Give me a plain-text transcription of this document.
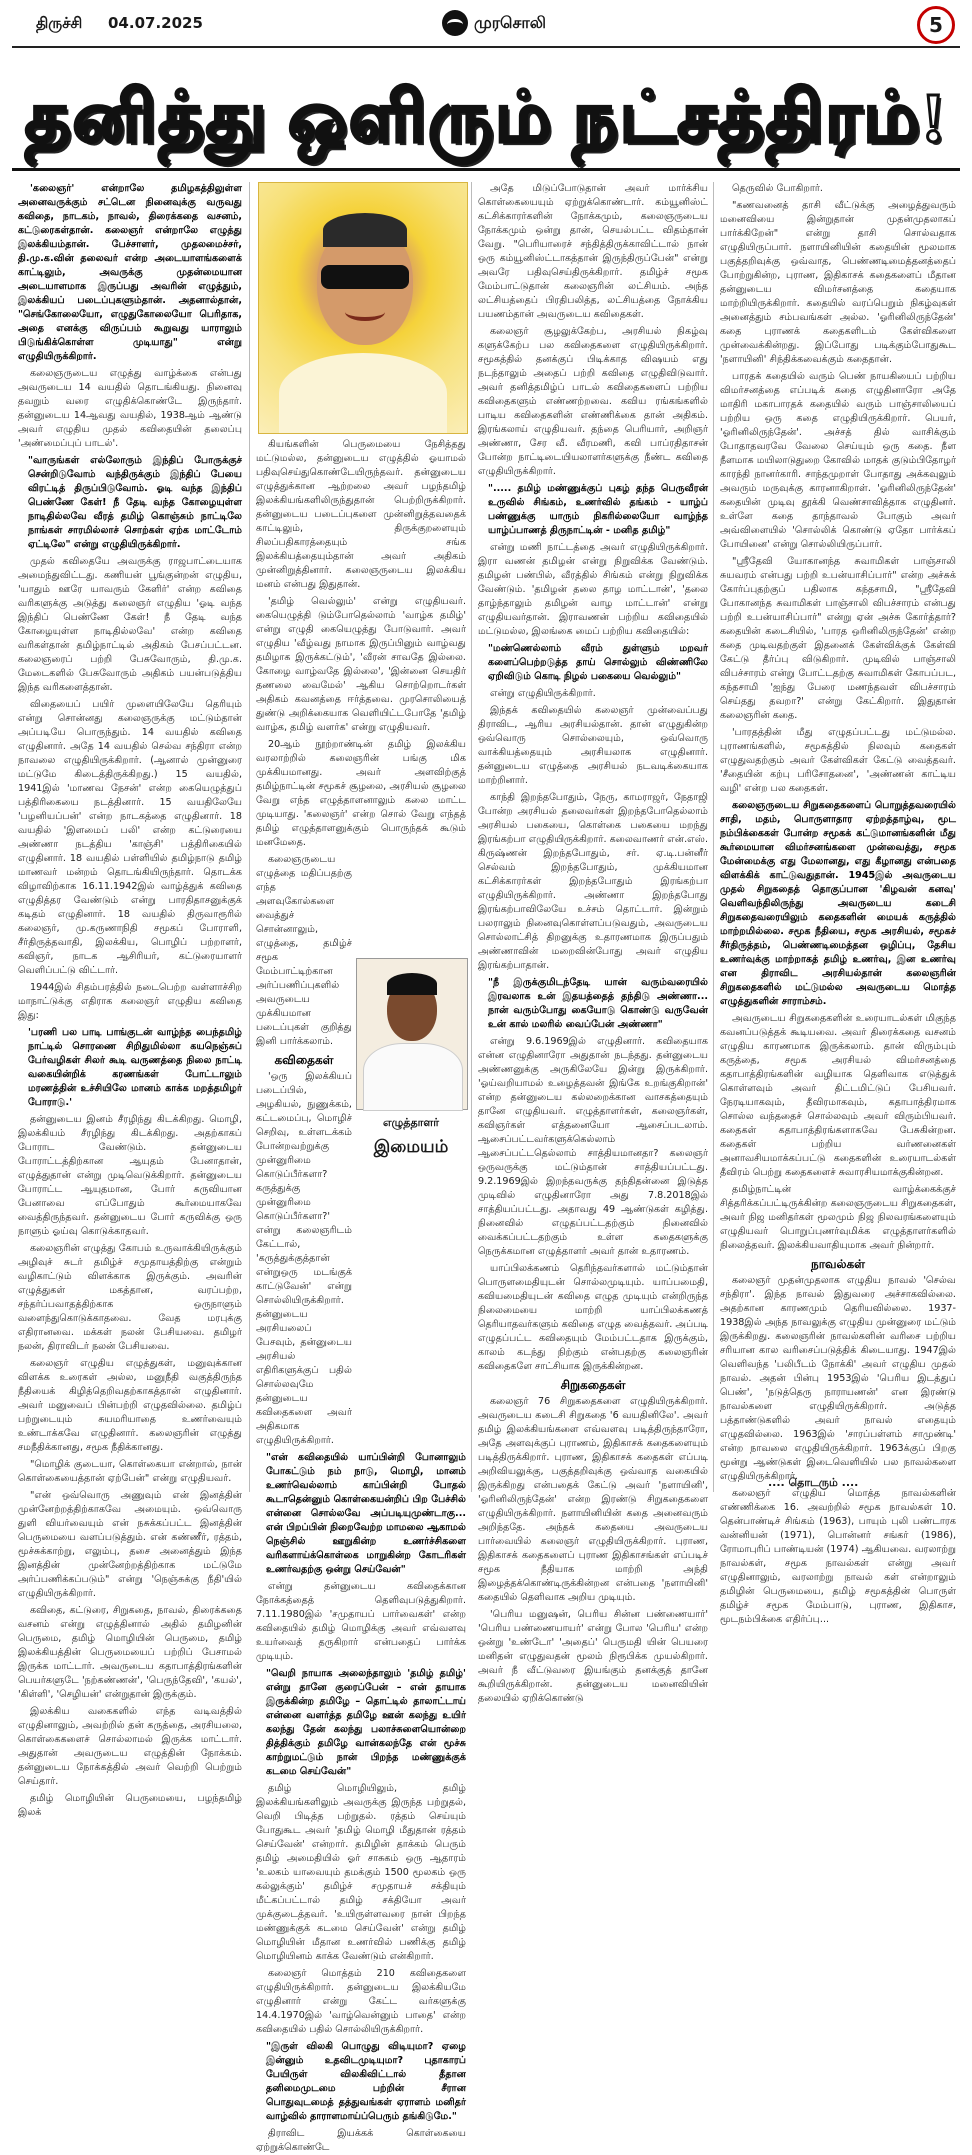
திருச்சி 04.07.2025	முரசொலி	5
தனித்து ஒளிரும் நட்சத்திரம்!

'கலைஞர்' என்றாலே தமிழகத்திலுள்ள அனைவருக்கும் சட்டென நினைவுக்கு வருவது கவிதை, நாடகம், நாவல், திரைக்கதை வசனம், கட்டுரைகள்தான். கலைஞர் என்றாலே எழுத்து இலக்கியம்தான். பேச்சாளர், முதலமைச்சர், தி.மு.க.வின் தலைவர் என்ற அடையாளங்களைக் காட்டிலும், அவருக்கு முதன்மையான அடையாளமாக இருப்பது அவரின் எழுத்தும், இலக்கியப் படைப்புகளும்தான். அதனால்தான், "செங்கோலையோ, எழுதுகோலையோ பெரிதாக, அதை எனக்கு விருப்பம் கூறுவது யாராலும் பிடுங்கிக்கொள்ள முடியாது" என்று எழுதியிருக்கிறார்.

கலைஞருடைய எழுத்து வாழ்க்கை என்பது அவருடைய 14 வயதில் தொடங்கியது. நினைவு தவறும் வரை எழுதிக்கொண்டே இருந்தார். தன்னுடைய 14ஆவது வயதில், 1938ஆம் ஆண்டு அவர் எழுதிய முதல் கவிதையின் தலைப்பு 'அண்மைப்புப் பாடல்'.

"வாருங்கள் எல்லோரும் இந்திப் போருக்குச் சென்றிடுவோம் வந்திருக்கும் இந்திப் பேயை விரட்டித் திருப்பிடுவோம். ஓடி வந்த இந்திப் பெண்ணே கேள்! நீ தேடி வந்த கோழையுள்ள நாடிதில்லவே வீரத் தமிழ் கொஞ்சும் நாட்டிலே நாங்கள் சாரமில்லாச் சொற்கள் ஏற்க மாட்டோம் ஏட்டிலே" என்று எழுதியிருக்கிறார்.

முதல் கவிதையே அவருக்கு ராஜபாட்டையாக அமைந்துவிட்டது. கணியன் பூங்குன்றன் எழுதிய, 'யாதும் ஊரே யாவரும் கேளிர்' என்ற கவிதை வரிகளுக்கு அடுத்து கலைஞர் எழுதிய 'ஓடி வந்த இந்திப் பெண்ணே கேள்! நீ தேடி வந்த கோழையுள்ள நாடிதில்லவே' என்ற கவிதை வரிகள்தான் தமிழ்நாட்டில் அதிகம் பேசப்பட்டன. கலைஞரைப் பற்றி பேசுவோரும், தி.மு.க. மேடைகளில் பேசுவோரும் அதிகம் பயன்படுத்திய இந்த வரிகளைத்தான்.

விதையைப் பயிர் முளையிலேயே தெரியும் என்று சொன்னது கலைஞருக்கு மட்டும்தான் அப்படியே பொருந்தும். 14 வயதில் கவிதை எழுதினார். அதே 14 வயதில் செல்வ சந்திரா என்ற நாவலை எழுதியிருக்கிறார். (ஆனால் முன்னுரை மட்டுமே கிடைத்திருக்கிறது.) 15 வயதில், 1941இல் 'மாணவ நேசன்' என்ற கையெழுத்துப் பத்திரிகையை நடத்தினார். 15 வயதிலேயே 'பழனியப்பன்' என்ற நாடகத்தை எழுதினார். 18 வயதில் 'இளமைப் பலி' என்ற கட்டுரையை அண்ணா நடத்திய 'காஞ்சி' பத்திரிகையில் எழுதினார். 18 வயதில் பள்ளியில் தமிழ்நாடு தமிழ் மாணவர் மன்றம் தொடங்கியிருந்தார். தொடக்க விழாவிற்காக 16.11.1942இல் வாழ்த்துக் கவிதை எழுதித்தர வேண்டும் என்று பாரதிதாசனுக்குக் கடிதம் எழுதினார். 18 வயதில் திருவாரூரில் கலைஞர், மு.கருணாநிதி சமூகப் போராளி, சீர்திருத்தவாதி, இலக்கிய, பொழிப் பற்றாளர், கவிஞர், நாடக ஆசிரியர், கட்டுரையாளர் வெளிப்பட்டு விட்டார்.

1944இல் சிதம்பரத்தில் நடைபெற்ற வள்ளாச்சிற மாநாட்டுக்கு எதிராக கலைஞர் எழுதிய கவிதை இது:

'பரணி பல பாடி பாங்குடன் வாழ்ந்த பைந்தமிழ் நாட்டில் சொரணை சிறிதுமில்லா கயநெஞ்சுப் பேர்வழிகள் சிலர் கூடி வருணத்தை நிலை நாட்டி வகையின்றிக் கரணங்கள் போட்டாலும் மரணத்தின் உச்சியிலே மானம் காக்க மறத்தமிழர் போராடு.'

தன்னுடைய இனம் சீரழிந்து கிடக்கிறது. மொழி, இலக்கியம் சீரழிந்து கிடக்கிறது. அதற்காகப் போராட வேண்டும். தன்னுடைய போராட்டத்திற்கான ஆயுதம் பேனாதான், எழுத்துதான் என்று முடிவெடுக்கிறார். தன்னுடைய போராட்ட ஆயுதமான, போர் கருவியான பேனாவை எப்போதும் கூர்மையாகவே வைத்திருந்தவர். தன்னுடைய போர் கருவிக்கு ஒரு நாளும் ஓய்வு கொடுக்காதவர்.

கலைஞரின் எழுத்து கோபம் உருவாக்கியிருக்கும் அழிவுச் சுடர் தமிழ்ச் சமுதாயத்திற்கு என்றும் வழிகாட்டும் விளக்காக இருக்கும். அவரின் எழுத்துகள் மகத்தான, வரப்பற்ற, சந்தர்ப்பவாதத்திற்காக ஒருநாளும் வளைந்துகொடுக்காதவை. வேத மரபுக்கு எதிரானவை. மக்கள் நலன் பேசியவை. தமிழர் நலன், திராவிடர் நலன் பேசியவை.

கலைஞர் எழுதிய எழுத்துகள், மனுவுக்கான விளக்க உரைகள் அல்ல, மனுநீதி வகுத்திருந்த நீதியைக் கிழித்தெறிவதற்காகத்தான் எழுதினார். அவர் மனுவைப் பின்பற்றி எழுதவில்லை. தமிழ்ப் பற்றுடையும் சுயமரியாதை உணர்வையும் உண்டாக்கவே எழுதினார். கலைஞரின் எழுத்து சமநீதிக்கானது, சமூக நீதிக்கானது.

"மொழிக் குடையா, கொள்கையா என்றால், நான் கொள்கையைத்தான் ஏற்பேன்" என்று எழுதியவர்.

"என் ஒவ்வொரு அணுவும் என் இனத்தின் முன்னேற்றத்திற்காகவே அமையும். ஒவ்வொரு துளி வியர்வையும் என் நசுக்கப்பட்ட இனத்தின் பெருமையை வளப்படுத்தும். என் கண்ணீர், ரத்தம், மூச்சுக்காற்று, எலும்பு, தசை அனைத்தும் இந்த இனத்தின் முன்னேற்றத்திற்காக மட்டுமே அர்ப்பணிக்கப்படும்" என்று 'நெஞ்சுக்கு நீதி'யில் எழுதியிருக்கிறார்.

கவிதை, கட்டுரை, சிறுகதை, நாவல், திரைக்கதை வசனம் என்று எழுத்தினால் அதில் தமிழனின் பெருமை, தமிழ் மொழியின் பெருமை, தமிழ் இலக்கியத்தின் பெருமையைப் பற்றிப் பேசாமல் இருக்க மாட்டார். அவருடைய கதாபாத்திரங்களின் பெயர்களுடே 'நற்கண்ணன்', 'பெருந்தேவி', 'கயல்', 'கிள்ளி', 'செழியன்' என்றுதான் இருக்கும்.

இலக்கிய வகைகளில் எந்த வடிவத்தில் எழுதினாலும், அவற்றில் தன் கருத்தை, அரசியலை, கொள்கைகளைச் சொல்லாமல் இருக்க மாட்டார். அதுதான் அவருடைய எழுத்தின் நோக்கம். தன்னுடைய நோக்கத்தில் அவர் வெற்றி பெற்றும் செய்தார்.

தமிழ் மொழியின் பெருமையை, பழந்தமிழ் இலக்

கியங்களின் பெருமையை நேசித்தது மட்டுமல்ல, தன்னுடைய எழுத்தில் ஓயாமல் பதிவுசெய்துகொண்டேயிருந்தவர். தன்னுடைய எழுத்துக்கான ஆற்றலை அவர் பழந்தமிழ் இலக்கியங்களிலிருந்துதான் பெற்றிருக்கிறார். தன்னுடைய படைப்புகளை முன்னிறுத்தவதைக் காட்டிலும், திருக்குறளையும் சிலப்பதிகாரத்தையும் சங்க இலக்கியத்தையும்தான் அவர் அதிகம் முன்னிறுத்தினார். கலைஞருடைய இலக்கிய மனம் என்பது இதுதான்.

'தமிழ் வெல்லும்' என்று எழுதியவர். கையெழுத்தி டும்போதெல்லாம் 'வாழ்க தமிழ்' என்று எழுதி கையெழுத்து போடுவார். அவர் எழுதிய 'வீழ்வது நாமாக இருப்பினும் வாழ்வது தமிழாக இருக்கட்டும்', 'வீரன் சாவதே இல்லை. கோழை வாழ்வதே இல்லை', 'இன்னை செயதிர் தணலை வைமேல்' ஆகிய சொற்றொடர்கள் அதிகம் கவனத்தை ஈர்த்தவை. முரசொலியைத் துண்டு அறிக்கையாக வெளியிட்டபோதே 'தமிழ் வாழ்க, தமிழ் வளர்க' என்று எழுதியவர்.

20ஆம் நூற்றாண்டின் தமிழ் இலக்கிய வரலாற்றில் கலைஞரின் பங்கு மிக முக்கியமானது. அவர் அளவிற்குத் தமிழ்நாட்டின் சமூகச் சூழலை, அரசியல் சூழலை வேறு எந்த எழுத்தாளனாலும் கலை மாட்ட முடியாது. 'கலைஞர்' என்ற சொல் வேறு எந்தத் தமிழ் எழுத்தாளனுக்கும் பொருந்தக் கூடும் மனமேதை.

கலைஞருடைய எழுத்தை மதிப்பதற்கு எந்த அளவுகோல்களை வைத்துச் சொன்னாலும், எழுத்தை, தமிழ்ச் சமூக மேம்பாட்டிற்கான அர்ப்பணிப்புகளில் அவருடைய முக்கியமான படைப்புகள் குறித்து இனி பார்க்கலாம்.

கவிதைகள்

'ஒரு இலக்கியப் படைப்பில், அழகியல், நுணுக்கம், கட்டமைப்பு, மொழிச் செறிவு, உள்ளடக்கம் போன்றவற்றுக்கு முன்னுரிமை கொடுப்பீர்களா? கருத்துக்கு முன்னுரிமை கொடுப்பீர்களா?' என்று கலைஞரிடம் கேட்டால், 'கருத்துக்குத்தான் என்றுஒரு மடங்குக் காட்டுவேன்' என்று சொல்லியிருக்கிறார். தன்னுடைய அரசியலைப் பேசவும், தன்னுடைய அரசியல் எதிரிகளுக்குப் பதில் சொல்லவுமே தன்னுடைய கவிதைகளை அவர் அதிகமாக எழுதியிருக்கிறார்.

"என் கவிதையில் யாப்பின்றி போனாலும் போகட்டும் நம் நாடு, மொழி, மானம் உணர்வெல்லாம் காப்பின்றி போதல் கூடாதென்னும் கொள்கையன்றிப் பிற பேச்சில் என்னை சொல்லவே அப்படியுமுண்டாகு... என் பிறப்பின் நிறைவேற்ற மாமலை ஆகாமல் நெஞ்சில் ஊறுகின்ற உணர்ச்சிகளை வரிகளாய்க்கொள்கை மாறுகின்ற கோடரிகள் உணர்வதற்கு ஒன்று செய்வேன்"

என்று தன்னுடைய கவிதைக்கான நோக்கத்தைத் தெளிவுபடுத்துகிறார். 7.11.1980இல் 'சமுதாயப் பார்வைகள்' என்ற கவிதையில் தமிழ் மொழிக்கு அவர் எவ்வளவு உயர்வைத் தருகிறார் என்பதைப் பார்க்க முடியும்.

"வெறி நாயாக அலைந்தாலும் 'தமிழ் தமிழ்' என்று தானே குரைப்பேன் – என் தாயாக இருக்கின்ற தமிழே – தொட்டில் தாலாட்டாய் என்னை வளர்த்த தமிழே ஊன் கலந்து உயிர் கலந்து தேன் கலந்து பலாச்சுளையொன்றை தித்திக்கும் தமிழே வான்கலந்தே என் மூச்சு காற்றுமட்டும் நான் பிறந்த மண்ணுக்குக் கடமை செய்வேன்"

தமிழ் மொழியிலும், தமிழ் இலக்கியங்களிலும் அவருக்கு இருந்த பற்றுதல், வெறி பிடித்த பற்றுதல். ரத்தம் செய்யும் போதுகூட அவர் 'தமிழ் மொழி மீதுதான் ரத்தம் செய்வேன்' என்றார். தமிழின் தாக்கம் பெரும் தமிழ் அமைதியில் ஓர் சாசுகம் ஒரு ஆதாரம் 'உலகம் யாவையும் தமக்கும் 1500 மூலகம் ஒரு கல்லுக்கும்' தமிழ்ச் சமுதாயச் சக்தியும் மீட்கப்பட்டால் தமிழ் சக்தியோ அவர் முக்குடைத்தவர். 'உயிருள்ளவரை நான் பிறந்த மண்ணுக்குக் கடமை செய்வேன்' என்று தமிழ் மொழியின் மீதான உணர்வில் பணிக்கு தமிழ் மொழியினம் காக்க வேண்டும் என்கிறார்.

கலைஞர் மொத்தம் 210 கவிதைகளை எழுதியிருக்கிறார். தன்னுடைய இலக்கியமே எழுதினார் என்று கேட்ட வர்களுக்கு 14.4.1970இல் 'வாழ்வென்னும் பாதை' என்ற கவிதையில் பதில் சொல்லியிருக்கிறார்.

"இருள் விலகி பொழுது விடியுமா? ஏழை இன்னும் உதவிடமுடியுமா? புதாகாரப் பேயிருள் விலகிவிட்டால் தீதான தனிமைமுடமை பற்றின் சீரான பொதுவுடமைத் தத்துவங்கள் ஏராளம் மனிதர் வாழ்வில் தாராளமாய்ப்பெரும் தங்கிடுமே."

திராவிட இயக்கக் கொள்கையை ஏற்றுக்கொண்டே

எழுத்தாளர்
இமையம்

அதே மிடுப்போடுதான் அவர் மார்க்சிய கொள்கையையும் ஏற்றுக்கொண்டார். கம்யூனிஸ்ட் கட்சிக்காரர்களின் நோக்கமும், கலைஞருடைய நோக்கமும் ஒன்று தான், செயல்பட்ட விதம்தான் வேறு. "பெரியாரைச் சந்தித்திருக்காவிட்டால் நான் ஒரு கம்யூனிஸ்ட்டாகத்தான் இருந்திருப்பேன்" என்று அவரே பதிவுசெய்திருக்கிறார். தமிழ்ச் சமூக மேம்பாட்டுதான் கலைஞரின் லட்சியம். அந்த லட்சியத்தைப் பிரதிபலித்த, லட்சியத்தை நோக்கிய பயணம்தான் அவருடைய கவிதைகள்.

கலைஞர் சூழலுக்கேற்ப, அரசியல் நிகழ்வு களுக்கேற்ப பல கவிதைகளை எழுதியிருக்கிறார். சமூகத்தில் தனக்குப் பிடிக்காத விஷயம் எது நடந்தாலும் அதைப் பற்றி கவிதை எழுதிவிடுவார். அவர் தனித்தமிழ்ப் பாடல் கவிதைகளைப் பற்றிய கவிதைகளும் எண்ணற்றவை. கவிய ரங்கங்களில் பாடிய கவிதைகளின் எண்ணிக்கை தான் அதிகம். இரங்கலாய் எழுதியவர். தந்தை பெரியார், அறிஞர் அண்ணா, சேர வீ. வீரமணி, கவி பாப்ரதிதாசன் போன்ற நாட்டிடையியலாளர்களுக்கு நீண்ட கவிதை எழுதியிருக்கிறார்.

"..... தமிழ் மண்ணுக்குப் புகழ் தந்த பெருவீரன் உருவில் சிங்கம், உணர்வில் தங்கம் - யாழ்ப் பண்ணுக்கு யாரும் நிகரில்லையோ வாழ்ந்த யாழ்ப்பாணத் திருநாட்டின் - மனித தமிழ்"

என்று மணி நாட்டத்தை அவர் எழுதியிருக்கிறார். இரா வணன் தமிழன் என்று நிறுவிக்க வேண்டும். தமிழன் பண்பில், வீரத்தில் சிங்கம் என்று நிறுவிக்க வேண்டும். 'தமிழன் தலை தாழ மாட்டான்', 'தலை தாழ்ந்தாலும் தமிழன் வாழ மாட்டான்' என்று எழுதியவர்தான். இராவணன் பற்றிய கவிதையில் மட்டுமல்ல, இலங்கை மைப் பற்றிய கவிதையில்:

"மண்ணெல்லாம் வீரம் துள்ளும் மறவர் களைப்பெற்றடுத்த தாய் சொல்லும் விண்ணிலே ஏறிவிடும் கொடி நிழல் பகையை வெல்லும்"

என்று எழுதியிருக்கிறார்.

இந்தக் கவிதையில் கலைஞர் முன்வைப்பது திராவிட, ஆரிய அரசியல்தான். தான் எழுதுகின்ற ஒவ்வொரு சொல்லையும், ஒவ்வொரு வாக்கியத்தையும் அரசியலாக எழுதினார். தன்னுடைய எழுத்தை அரசியல் நடவடிக்கையாக மாற்றினார்.

காந்தி இறந்தபோதும், நேரு, காமராஜர், நேதாஜி போன்ற அரசியல் தலைவர்கள் இறந்தபோதெல்லாம் அரசியல் பகையை, கொள்கை பகையை மறந்து இரங்கற்பா எழுதியிருக்கிறார். கலைவாணர் என்.எஸ். கிருஷ்ணன் இறந்தபோதும், சர். ஏ.டி.பன்னீர் செல்வம் இறந்தபோதும், முக்கியமான கட்சிக்காரர்கள் இறந்தபோதும் இரங்கற்பா எழுதியிருக்கிறார். அண்ணா இறந்தபோது இரங்கற்பாவிலேயே உச்சம் தொட்டார். இன்றும் பலராலும் நினைவுகொள்ளப்படுவதும், அவருடைய சொல்லாட்சித் திறனுக்கு உதாரணமாக இருப்பதும் அண்ணாவின் மறைவின்போது அவர் எழுதிய இரங்கற்பாதான்.

"நீ இருக்குமிடந்தேடி யான் வரும்வரையில் இரவலாக உன் இதயத்தைத் தந்திடு அண்ணா... நான் வரும்போது கையோடு கொண்டு வருவேன் உன் கால் மலரில் வைப்பேன் அண்ணா"

என்று 9.6.1969இல் எழுதினார். கவிதையாக என்ன எழுதினாரோ அதுதான் நடந்தது. தன்னுடைய அண்ணனுக்கு அருகிலேயே இன்று இருக்கிறார். 'ஓய்வறியாமல் உழைத்தவன் இங்கே உறங்குகிறான்' என்ற தன்னுடைய கல்லறைக்கான வாசகத்தையும் தானே எழுதியவர். எழுத்தாளர்கள், கலைஞர்கள், கவிஞர்கள் எத்தனையோ ஆசைப்படலாம். ஆசைப்பட்டவர்களுக்கெல்லாம் ஆசைப்பட்டதெல்லாம் சாத்தியமானதா? கலைஞர் ஒருவருக்கு மட்டும்தான் சாத்தியப்பட்டது. 9.2.1969இல் இறந்தவருக்கு தந்திதன்னை இடுத்த முடிவில் எழுதினாரோ அது 7.8.2018இல் சாத்தியப்பட்டது. அதாவது 49 ஆண்டுகள் கழித்து. நினைவில் எழுதப்பட்டதற்கும் நினைவில் வைக்கப்பட்டதற்கும் உள்ள கதைகளுக்கு நெருக்கமான எழுத்தாளர் அவர் தான் உதாரணம்.

யாப்பிலக்கணம் தெரிந்தவர்களால் மட்டும்தான் பொருளமைதியுடன் சொல்லமுடியும். யாப்பமைதி, கவியமைதியுடன் கவிதை எழுத முடியும் என்றிருந்த நிலைமையை மாற்றி யாப்பிலக்கணத் தெரியாதவர்களும் கவிதை எழுத வைத்தவர். அப்படி எழுதப்பட்ட கவிதையும் மேம்பட்டதாக இருக்கும், காலம் கடந்து நிற்கும் என்பதற்கு கலைஞரின் கவிதைகளே சாட்சியாக இருக்கின்றன.

சிறுகதைகள்

கலைஞர் 76 சிறுகதைகளை எழுதியிருக்கிறார். அவருடைய கடைசி சிறுகதை '6 வயதினிலே'. அவர் தமிழ் இலக்கியங்களை எவ்வளவு படித்திருந்தாரோ, அதே அளவுக்குப் புராணம், இதிகாசக் கதைகளையும் படித்திருக்கிறார். புராண, இதிகாசக் கதைகள் எப்படி அறிவியலுக்கு, பகுத்தறிவுக்கு ஒவ்வாத வகையில் இருக்கிறது என்பதைக் கேட்டு அவர் 'நளாயினி', 'ஓரினிலிருந்தேன்' என்ற இரண்டு சிறுகதைகளை எழுதியிருக்கிறார். நளாயினியின் கதை அனைவரும் அறிந்ததே. அந்தக் கதையை அவருடைய பார்வையில் கலைஞர் எழுதியிருக்கிறார். புராண, இதிகாசக் கதைகளைப் புராண இதிகாசங்கள் எப்படிச் சமூக நீதியாக மாற்றி அந்தி இழைத்தக்கொண்டிருக்கின்றன என்பதை 'நளாயினி' கதையில் தெளிவாக அறிய முடியும்.

'பெரிய மனுஷன், பெரிய சின்ன பண்ணையார்' 'பெரிய பண்ணையாயர்' என்று போல 'பெரிய' என்ற ஒன்று 'உண்டோ' 'அதைப்' பெருமதி யின் பெயரை மனிதன் எழுதுவதன் மூலம் நிரூபிக்க முயல்கிறார். அவர் நீ வீட்டுவரை இயங்கும் தனக்குத் தானே கூறியிருக்கிறான். தன்னுடைய மனைவியின் தலையில் ஏறிக்கொண்டு

தெருவில் போகிறார்.

"கணவனைத் தாசி வீட்டுக்கு அழைத்துவரும் மனைவியை இன்றுதான் முதன்முதலாகப் பார்க்கிறேன்" என்று தாசி சொல்வதாக எழுதியிருப்பார். நளாயினியின் கதையின் மூலமாக பகுத்தறிவுக்கு ஒவ்வாத, பெண்ணடிமைத்தனத்தைப் போற்றுகின்ற, புராண, இதிகாசக் கதைகளைப் மீதான தன்னுடைய விமர்சனத்தை கதையாக மாற்றியிருக்கிறார். கதையில் வரப்பெறும் நிகழ்வுகள் அனைத்தும் சம்பவங்கள் அல்ல. 'ஓரினிலிருந்தேன்' கதை புராணக் கதைகளிடம் கேள்விகளை முன்வைக்கின்றது. இப்போது படிக்கும்போதுகூட 'நளாயினி' சிந்திக்கவைக்கும் கதைதான்.

பாரதக் கதையில் வரும் பெண் நாயகியைப் பற்றிய விமர்சனத்தை எப்படிக் கதை எழுதினாரோ அதே மாதிரி மகாபாரதக் கதையில் வரும் பாஞ்சாலியைப் பற்றிய ஒரு கதை எழுதியிருக்கிறார். பெயர், 'ஓரினிலிருந்தேன்'. அச்சத் தில் வாசிக்கும் போதாதவரவே வேலை செய்யும் ஒரு கதை. நீள நீளமாக மயிலாடுதுறை கோவில் மாதக் குடும்பிதோழர் காரந்தி நானர்காரி. சாந்தமுறாள் போதாது அக்கவுலும் அவரும் மருவுக்கு காரனாகிறாள். 'ஓரினிலிருந்தேன்' கதையின் முடிவு தூக்கி வெண்சாவித்தாக எழுதினர். உள்ளே கதை தாந்தாவல் போகும் அவர் அவ்விளையில் 'சொல்லிக் கொண்டு ஏதோ பார்க்கப் போயினை' என்று சொல்லியிருப்பார்.

"ஸ்ரீதேவி யோகானந்த சுவாமிகள் பாஞ்சாலி சுயவரம் என்பது பற்றி உபன்யாசிப்பார்" என்ற அச்சுக் கோர்ப்புதற்குப் பதிலாக கந்தசாமி, "ஸ்ரீதேவி போகானந்த சுவாமிகள் பாஞ்சாலி விபச்சாரம் என்பது பற்றி உபன்யாசிப்பார்" என்று ஏன் அச்சு கோர்த்தார்? கதையின் கடைசியில், 'பாரத ஒரினிலிருந்தேன்' என்ற கதை முடிவதற்குள் இதனைக் கேள்விக்குக் கேள்வி கேட்டு தீர்ப்பு விடுகிறார். முடிவில் பாஞ்சாலி விபச்சாரம் என்று போட்டதற்கு சுவாமிகள் கோபப்பட, கந்தசாமி 'ஐந்து பேரை மணந்தவள் விபச்சாரம் செய்தது தவறா?' என்று கேட்கிறார். இதுதான் கலைஞரின் கதை.

'பாரதத்தின் மீது எழுதப்பட்டது மட்டுமல்ல. புராணங்களில், சமூகத்தில் நிலவும் கதைகள் எழுதுவதற்கும் அவர் கேள்விகள் கேட்டு வைத்தவர். 'சீதையின் கற்பு பரிசோதனை', 'அண்ணன் காட்டிய வழி' என்ற பல கதைகள்.

கலைஞருடைய சிறுகதைகளைப் பொறுத்தவரையில் சாதி, மதம், பொருளாதார ஏற்றத்தாழ்வு, மூட நம்பிக்கைகள் போன்ற சமூகக் கட்டுமானங்களின் மீது கூர்மையான விமர்சனங்களை முன்வைத்து, சமூக மேன்மைக்கு எது மேலானது, எது கீழானது என்பதை விளக்கிக் காட்டுவதுதான். 1945இல் அவருடைய முதல் சிறுகதைத் தொகுப்பான 'கிழவன் கனவு' வெளிவந்திலிருந்து அவருடைய கடைசி சிறுகதைவரையிலும் கதைகளின் மையக் கருத்தில் மாற்றமில்லை. சமூக நீதியை, சமூக அரசியல், சமூகச் சீர்திருத்தம், பெண்ணடிமைத்தன ஒழிப்பு, தேசிய உணர்வுக்கு மாற்றாகத் தமிழ் உணர்வு, இன உணர்வு என திராவிட அரசியல்தான் கலைஞரின் சிறுகதைகளில் மட்டுமல்ல அவருடைய மொத்த எழுத்துகளின் சாராம்சம்.

அவருடைய சிறுகதைகளின் உரையாடல்கள் மிகுந்த கவனப்படுத்தக் கூடியவை. அவர் திரைக்கதை வசனம் எழுதிய காரணமாக இருக்கலாம். தான் விரும்பும் கருத்தை, சமூக அரசியல் விமர்சனத்தை கதாபாத்திரங்களின் வழியாக தெளிவாக எடுத்துக் கொள்ளவும் அவர் திட்டமிட்டுப் பேசியவர். நேரடியாகவும், தீவிரமாகவும், கதாபாத்திரமாக சொல்ல வந்ததைச் சொல்லவும் அவர் விரும்பியவர். கதைகள் கதாபாத்திரங்களாகவே பேசுகின்றன. கதைகள் பற்றிய வர்ணனைகள் அனாவசியமாக்கப்பட்டு கதைகளின் உரையாடல்கள் தீவிரம் பெற்று கதைகளைச் சுவாரசியமாக்குகின்றன.

தமிழ்நாட்டின் வாழ்க்கைக்குச் சித்தரிக்கப்பட்டிருக்கின்ற கலைஞருடைய சிறுகதைகள், அவர் நிஜ மனிதர்கள் மூலமும் நிஜ நிலவரங்களையும் எழுதியவர் பொறுப்புணர்வுமிக்க எழுத்தாளர்களில் நிலைத்தவர். இலக்கியவாதியுமாக அவர் நின்றார்.

நாவல்கள்

கலைஞர் முதன்முதலாக எழுதிய நாவல் 'செல்வ சந்திரா'. இந்த நாவல் இதுவரை அச்சாகவில்லை. அதற்கான காரணமும் தெரியவில்லை. 1937-1938இல் அந்த நாவலுக்கு எழுதிய முன்னுரை மட்டும் இருக்கிறது. கலைஞரின் நாவல்களின் வரிசை பற்றிய சரியான கால வரிசைப்படுத்திக் கிடையாது. 1947இல் வெளிவந்த 'பலிபீடம் நோக்கி' அவர் எழுதிய முதல் நாவல். அதன் பின்பு 1953இல் 'பெரிய இடத்துப் பெண்', 'நடுத்தெரு நாராயணன்' என இரண்டு நாவல்களை எழுதியிருக்கிறார். அடுத்த பத்தாண்டுகளில் அவர் நாவல் எதையும் எழுதவில்லை. 1963இல் 'சாரப்பள்ளம் சாமுண்டி' என்ற நாவலை எழுதியிருக்கிறார். 1963க்குப் பிறகு மூன்று ஆண்டுகள் இடைவெளியில் பல நாவல்களை எழுதியிருக்கிறார்.

கலைஞர் எழுதிய மொத்த நாவல்களின் எண்ணிக்கை 16. அவற்றில் சமூக நாவல்கள் 10. தென்பாண்டிச் சிங்கம் (1963), பாயும் புலி பண்டாரக வன்னியன் (1971), பொன்னர் சங்கர் (1986), ரோமாபுரிப் பாண்டியன் (1974) ஆகியவை. வரலாற்று நாவல்கள், சமூக நாவல்கள் என்று அவர் எழுதினாலும், வரலாற்று நாவல் கள் என்றாலும் தமிழின் பெருமையை, தமிழ் சமூகத்தின் பொருள் தமிழ்ச் சமூக மேம்பாடு, புராண, இதிகாச, மூடநம்பிக்கை எதிர்ப்பு...

.... தொடரும் ....
